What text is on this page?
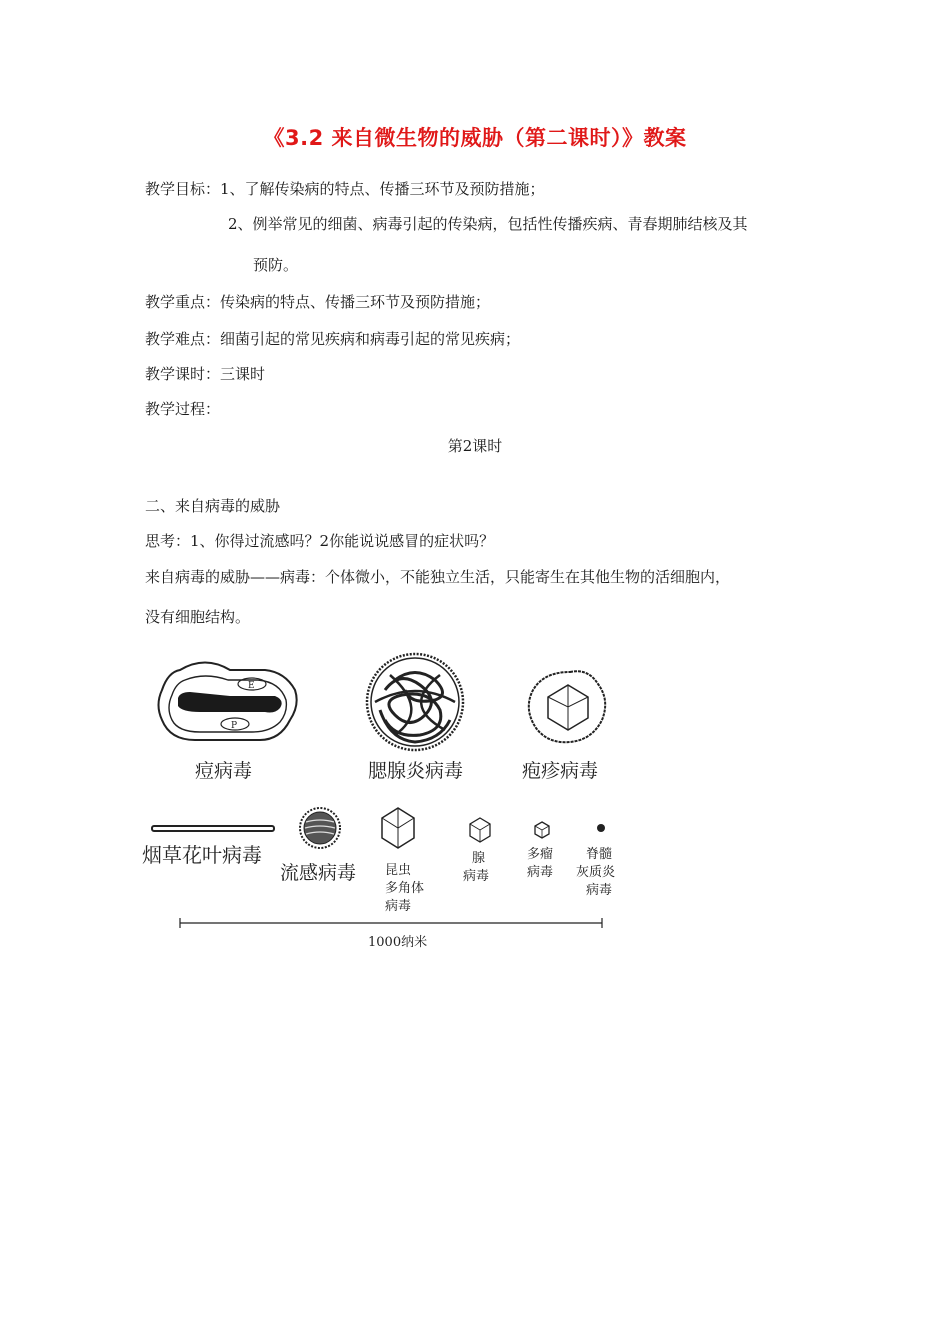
《3.2 来自微生物的威胁（第二课时）》教案
教学目标：1、了解传染病的特点、传播三环节及预防措施；
2、例举常见的细菌、病毒引起的传染病，包括性传播疾病、青春期肺结核及其
预防。
教学重点：传染病的特点、传播三环节及预防措施；
教学难点：细菌引起的常见疾病和病毒引起的常见疾病；
教学课时：三课时
教学过程：
第2课时
二、来自病毒的威胁
思考：1、你得过流感吗？2你能说说感冒的症状吗？
来自病毒的威胁——病毒：个体微小，不能独立生活，只能寄生在其他生物的活细胞内，
没有细胞结构。
E
P
痘病毒	腮腺炎病毒	疱疹病毒
烟草花叶病毒
流感病毒 昆虫
多角体
病毒
腺
病毒
多瘤
病毒
脊髓
灰质炎
病毒
1000纳米
